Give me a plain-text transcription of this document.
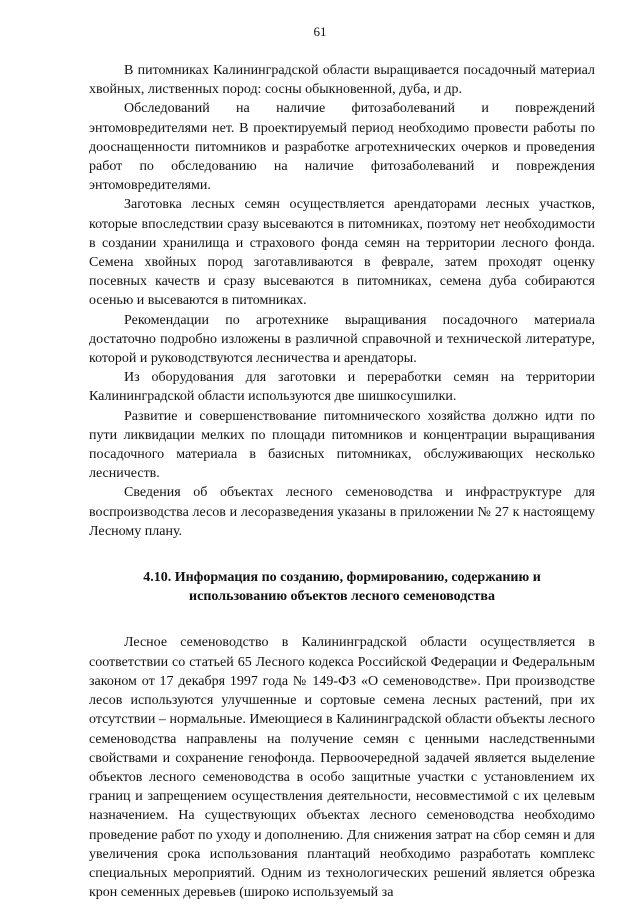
61

В питомниках Калининградской области выращивается посадочный материал хвойных, лиственных пород: сосны обыкновенной, дуба, и др.

Обследований на наличие фитозаболеваний и повреждений энтомовредителями нет. В проектируемый период необходимо провести работы по дооснащенности питомников и разработке агротехнических очерков и проведения работ по обследованию на наличие фитозаболеваний и повреждения энтомовредителями.

Заготовка лесных семян осуществляется арендаторами лесных участков, которые впоследствии сразу высеваются в питомниках, поэтому нет необходимости в создании хранилища и страхового фонда семян на территории лесного фонда. Семена хвойных пород заготавливаются в феврале, затем проходят оценку посевных качеств и сразу высеваются в питомниках, семена дуба собираются осенью и высеваются в питомниках.

Рекомендации по агротехнике выращивания посадочного материала достаточно подробно изложены в различной справочной и технической литературе, которой и руководствуются лесничества и арендаторы.

Из оборудования для заготовки и переработки семян на территории Калининградской области используются две шишкосушилки.

Развитие и совершенствование питомнического хозяйства должно идти по пути ликвидации мелких по площади питомников и концентрации выращивания посадочного материала в базисных питомниках, обслуживающих несколько лесничеств.

Сведения об объектах лесного семеноводства и инфраструктуре для воспроизводства лесов и лесоразведения указаны в приложении № 27 к настоящему Лесному плану.

4.10. Информация по созданию, формированию, содержанию и
использованию объектов лесного семеноводства

Лесное семеноводство в Калининградской области осуществляется в соответствии со статьей 65 Лесного кодекса Российской Федерации и Федеральным законом от 17 декабря 1997 года № 149-ФЗ «О семеноводстве». При производстве лесов используются улучшенные и сортовые семена лесных растений, при их отсутствии – нормальные. Имеющиеся в Калининградской области объекты лесного семеноводства направлены на получение семян с ценными наследственными свойствами и сохранение генофонда. Первоочередной задачей является выделение объектов лесного семеноводства в особо защитные участки с установлением их границ и запрещением осуществления деятельности, несовместимой с их целевым назначением. На существующих объектах лесного семеноводства необходимо проведение работ по уходу и дополнению. Для снижения затрат на сбор семян и для увеличения срока использования плантаций необходимо разработать комплекс специальных мероприятий. Одним из технологических решений является обрезка крон семенных деревьев (широко используемый за
